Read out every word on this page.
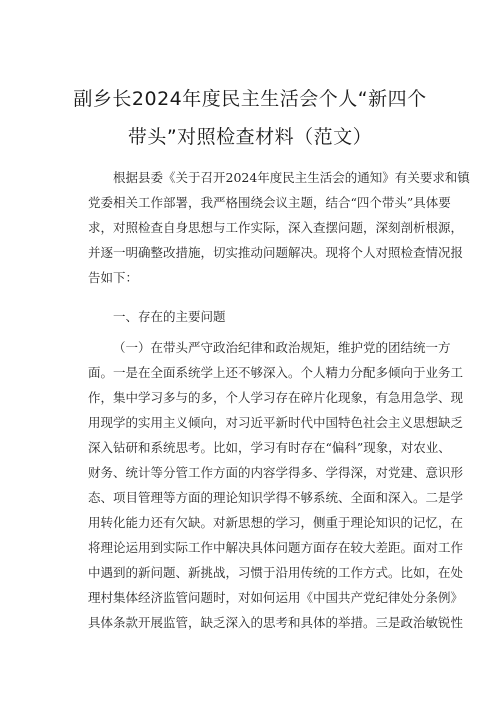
副乡长2024年度民主生活会个人“新四个
带头”对照检查材料（范文）
根据县委《关于召开2024年度民主生活会的通知》有关要求和镇
党委相关工作部署，我严格围绕会议主题，结合“四个带头”具体要
求，对照检查自身思想与工作实际，深入查摆问题，深刻剖析根源，
并逐一明确整改措施，切实推动问题解决。现将个人对照检查情况报
告如下：
一、存在的主要问题
（一）在带头严守政治纪律和政治规矩，维护党的团结统一方
面。一是在全面系统学上还不够深入。个人精力分配多倾向于业务工
作，集中学习多与的多，个人学习存在碎片化现象，有急用急学、现
用现学的实用主义倾向，对习近平新时代中国特色社会主义思想缺乏
深入钻研和系统思考。比如，学习有时存在“偏科”现象，对农业、
财务、统计等分管工作方面的内容学得多、学得深，对党建、意识形
态、项目管理等方面的理论知识学得不够系统、全面和深入。二是学
用转化能力还有欠缺。对新思想的学习，侧重于理论知识的记忆，在
将理论运用到实际工作中解决具体问题方面存在较大差距。面对工作
中遇到的新问题、新挑战，习惯于沿用传统的工作方式。比如，在处
理村集体经济监管问题时，对如何运用《中国共产党纪律处分条例》
具体条款开展监管，缺乏深入的思考和具体的举措。三是政治敏锐性
